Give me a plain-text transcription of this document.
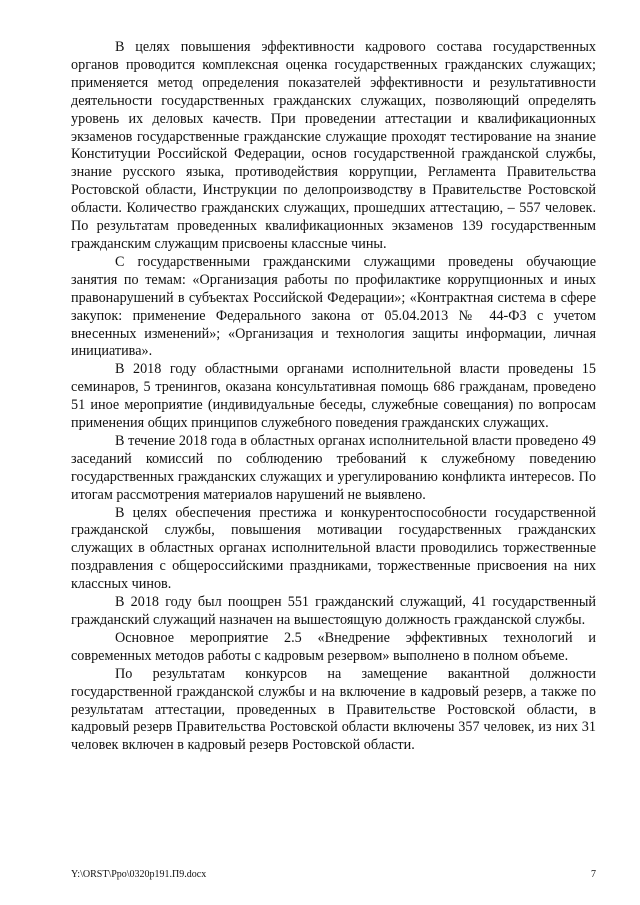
В целях повышения эффективности кадрового состава государственных органов проводится комплексная оценка государственных гражданских служащих; применяется метод определения показателей эффективности и результативности деятельности государственных гражданских служащих, позволяющий определять уровень их деловых качеств. При проведении аттестации и квалификационных экзаменов государственные гражданские служащие проходят тестирование на знание Конституции Российской Федерации, основ государственной гражданской службы, знание русского языка, противодействия коррупции, Регламента Правительства Ростовской области, Инструкции по делопроизводству в Правительстве Ростовской области. Количество гражданских служащих, прошедших аттестацию, – 557 человек. По результатам проведенных квалификационных экзаменов 139 государственным гражданским служащим присвоены классные чины.

С государственными гражданскими служащими проведены обучающие занятия по темам: «Организация работы по профилактике коррупционных и иных правонарушений в субъектах Российской Федерации»; «Контрактная система в сфере закупок: применение Федерального закона от 05.04.2013 № 44-ФЗ с учетом внесенных изменений»; «Организация и технология защиты информации, личная инициатива».

В 2018 году областными органами исполнительной власти проведены 15 семинаров, 5 тренингов, оказана консультативная помощь 686 гражданам, проведено 51 иное мероприятие (индивидуальные беседы, служебные совещания) по вопросам применения общих принципов служебного поведения гражданских служащих.

В течение 2018 года в областных органах исполнительной власти проведено 49 заседаний комиссий по соблюдению требований к служебному поведению государственных гражданских служащих и урегулированию конфликта интересов. По итогам рассмотрения материалов нарушений не выявлено.

В целях обеспечения престижа и конкурентоспособности государственной гражданской службы, повышения мотивации государственных гражданских служащих в областных органах исполнительной власти проводились торжественные поздравления с общероссийскими праздниками, торжественные присвоения на них классных чинов.

В 2018 году был поощрен 551 гражданский служащий, 41 государственный гражданский служащий назначен на вышестоящую должность гражданской службы.

Основное мероприятие 2.5 «Внедрение эффективных технологий и современных методов работы с кадровым резервом» выполнено в полном объеме.

По результатам конкурсов на замещение вакантной должности государственной гражданской службы и на включение в кадровый резерв, а также по результатам аттестации, проведенных в Правительстве Ростовской области, в кадровый резерв Правительства Ростовской области включены 357 человек, из них 31 человек включен в кадровый резерв Ростовской области.

Y:\ORST\Ppo\0320p191.П9.docx	7
